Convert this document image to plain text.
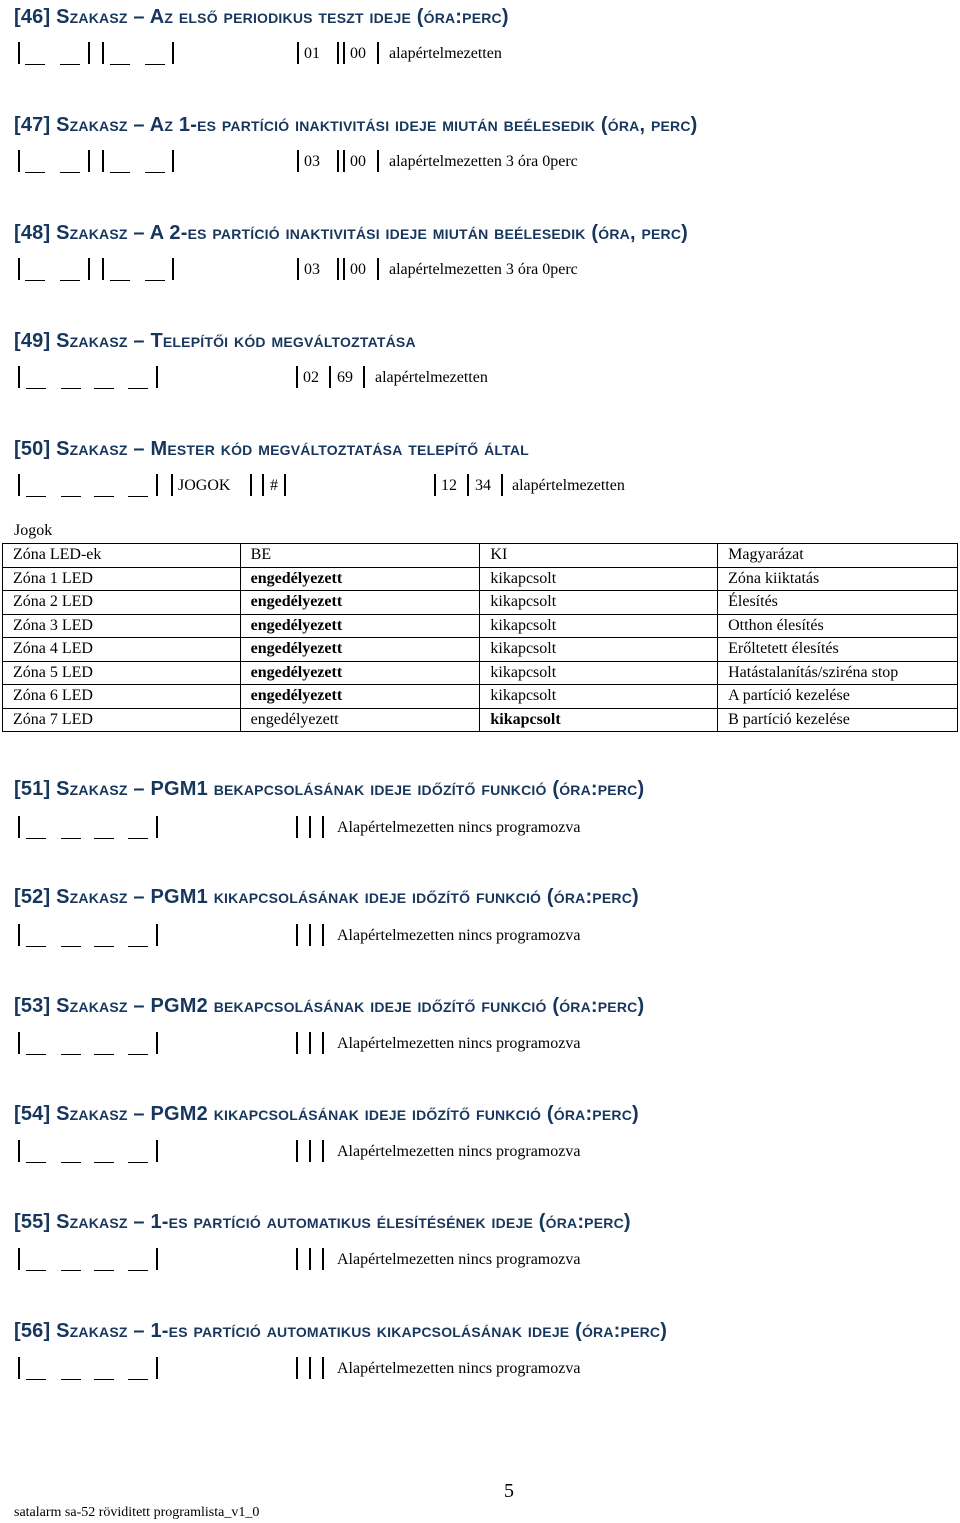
[46] Szakasz – Az első periodikus teszt ideje (óra:perc)
[47] Szakasz – Az 1-es partíció inaktivitási ideje miután beélesedik (óra, perc)
[48] Szakasz – A 2-es partíció inaktivitási ideje miután beélesedik (óra, perc)
[49] Szakasz – Telepítői kód megváltoztatása
[50] Szakasz – Mester kód megváltoztatása telepítő által
[51] Szakasz – PGM1 bekapcsolásának ideje időzítő funkció (óra:perc)
[52] Szakasz – PGM1 kikapcsolásának ideje időzítő funkció (óra:perc)
[53] Szakasz – PGM2 bekapcsolásának ideje időzítő funkció (óra:perc)
[54] Szakasz – PGM2 kikapcsolásának ideje időzítő funkció (óra:perc)
[55] Szakasz – 1-es partíció automatikus élesítésének ideje (óra:perc)
[56] Szakasz – 1-es partíció automatikus kikapcsolásának ideje (óra:perc)
01 00 alapértelmezetten
03 00 alapértelmezetten 3 óra 0perc
03 00 alapértelmezetten 3 óra 0perc
02 69 alapértelmezetten
JOGOK #	12 34 alapértelmezetten
Jogok
Zóna LED-ek	BE	KI	Magyarázat
Zóna 1 LED	engedélyezett	kikapcsolt	Zóna kiiktatás
Zóna 2 LED	engedélyezett	kikapcsolt	Élesítés
Zóna 3 LED	engedélyezett	kikapcsolt	Otthon élesítés
Zóna 4 LED	engedélyezett	kikapcsolt	Erőltetett élesítés
Zóna 5 LED	engedélyezett	kikapcsolt	Hatástalanítás/sziréna stop
Zóna 6 LED	engedélyezett	kikapcsolt	A partíció kezelése
Zóna 7 LED	engedélyezett	kikapcsolt	B partíció kezelése
Alapértelmezetten nincs programozva
Alapértelmezetten nincs programozva
Alapértelmezetten nincs programozva
Alapértelmezetten nincs programozva
Alapértelmezetten nincs programozva
Alapértelmezetten nincs programozva
5
satalarm sa-52 röviditett programlista_v1_0
